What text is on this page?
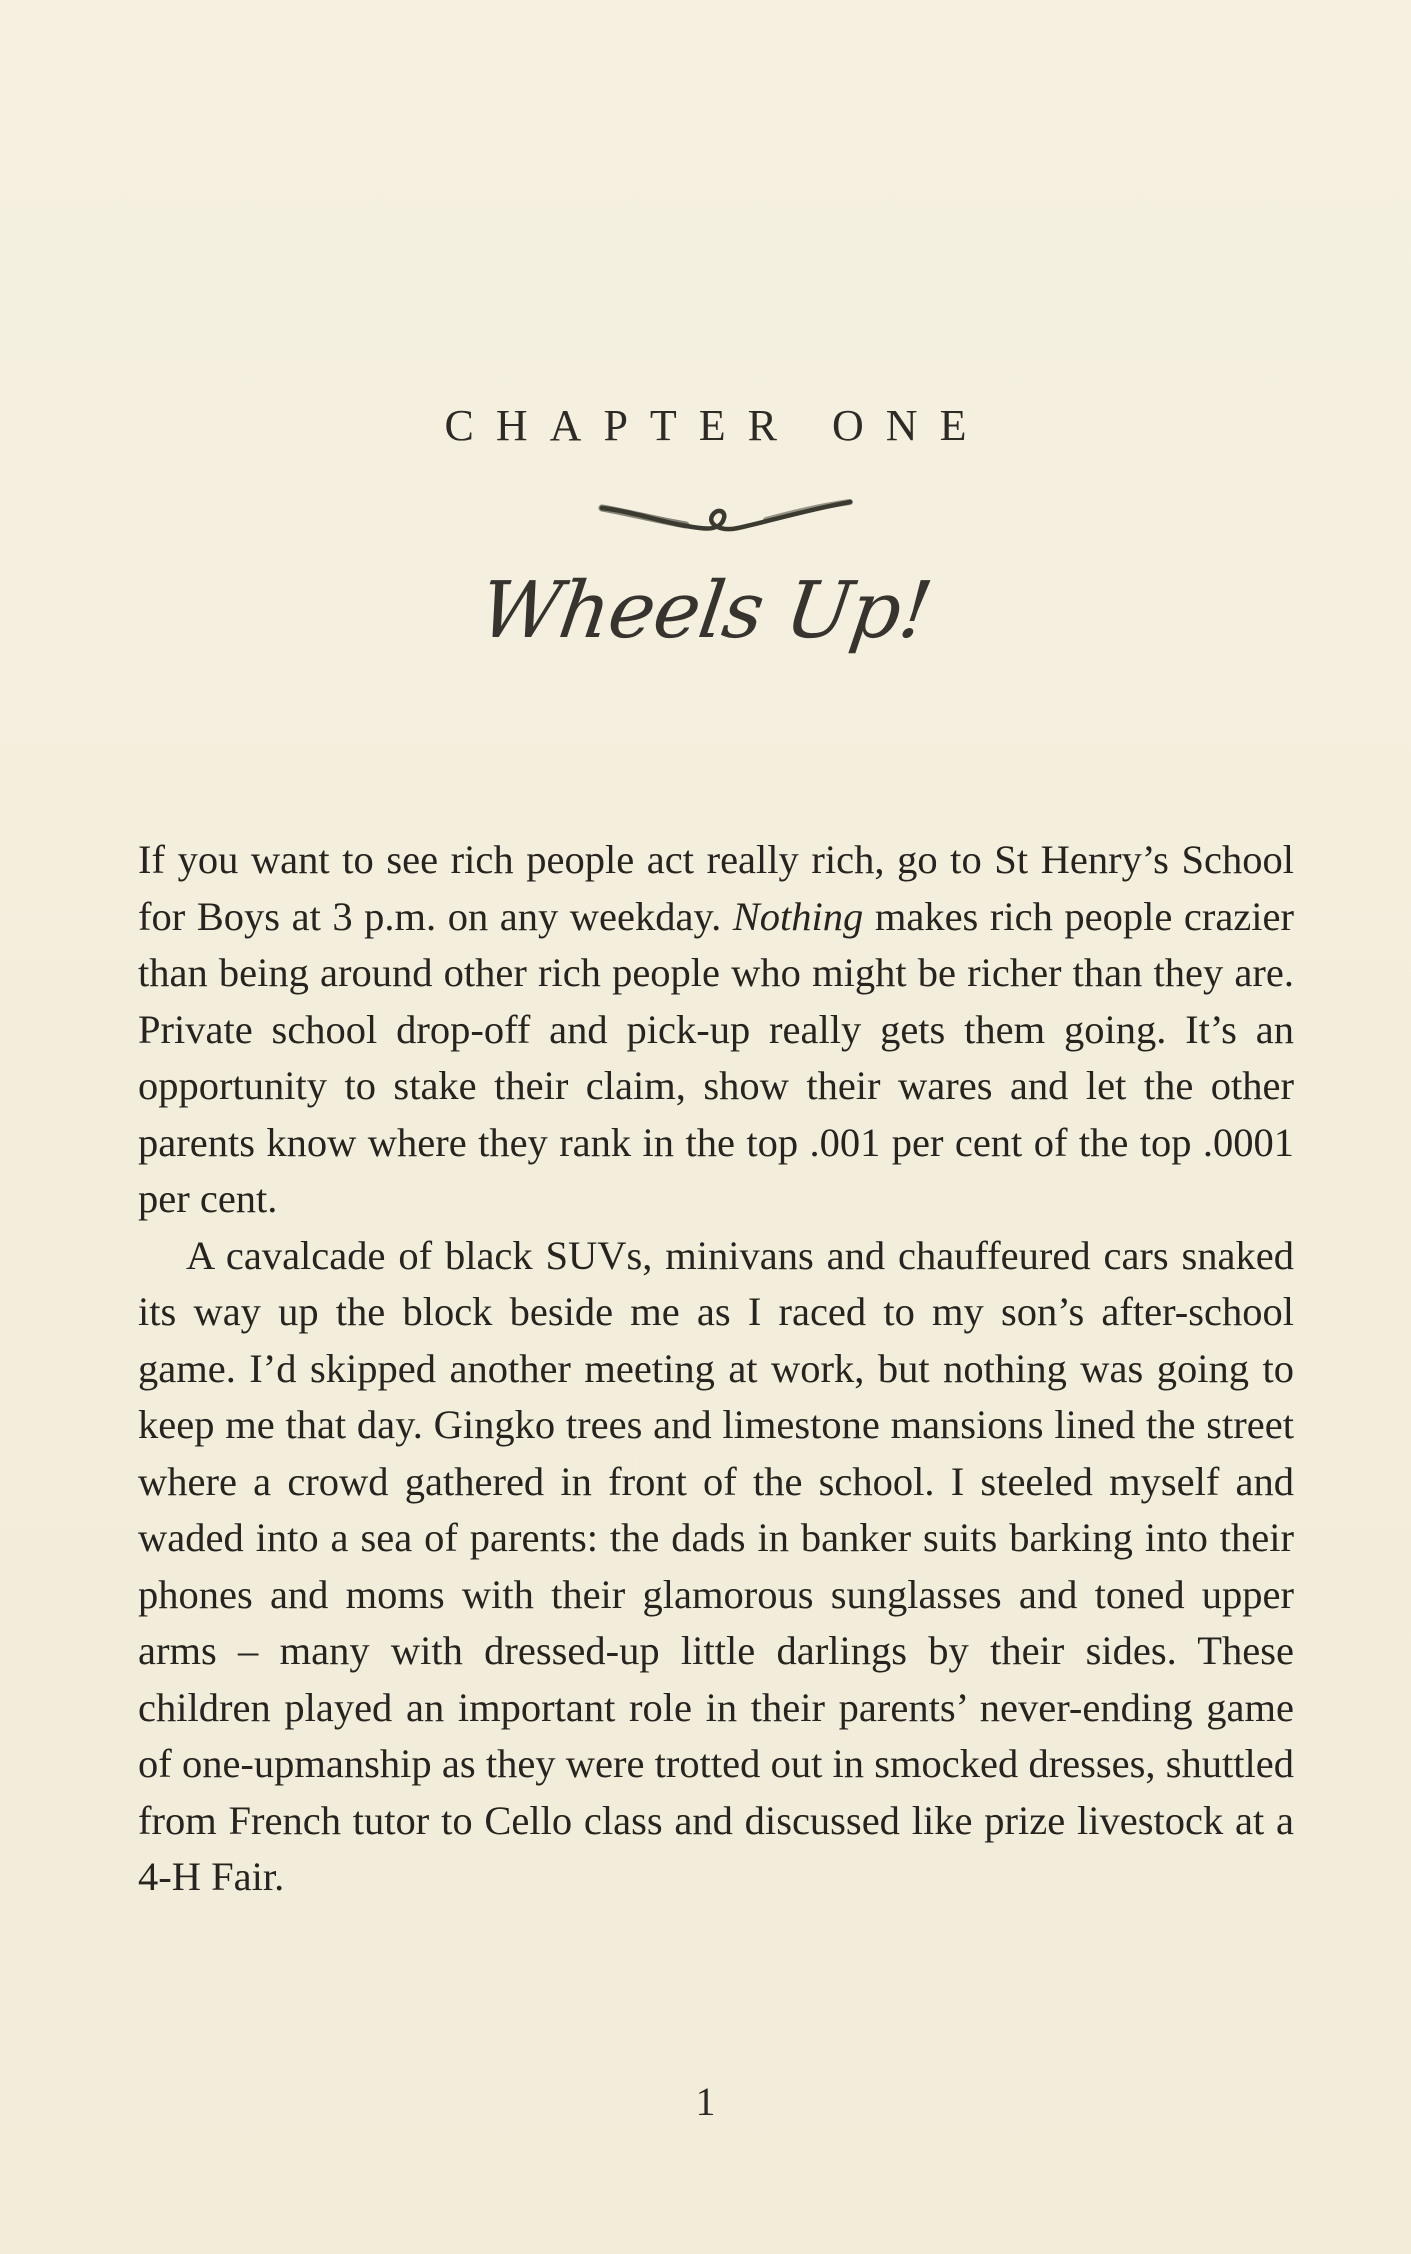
CHAPTER ONE
Wheels Up!

If you want to see rich people act really rich, go to St Henry’s School for Boys at 3 p.m. on any weekday. Nothing makes rich people crazier than being around other rich people who might be richer than they are. Private school drop-off and pick-up really gets them going. It’s an opportunity to stake their claim, show their wares and let the other parents know where they rank in the top .001 per cent of the top .0001 per cent.

A cavalcade of black SUVs, minivans and chauffeured cars snaked its way up the block beside me as I raced to my son’s after-school game. I’d skipped another meeting at work, but nothing was going to keep me that day. Gingko trees and limestone mansions lined the street where a crowd gathered in front of the school. I steeled myself and waded into a sea of parents: the dads in banker suits barking into their phones and moms with their glamorous sunglasses and toned upper arms – many with dressed-up little darlings by their sides. These children played an important role in their parents’ never-ending game of one-upmanship as they were trotted out in smocked dresses, shuttled from French tutor to Cello class and discussed like prize livestock at a 4-H Fair.

1
